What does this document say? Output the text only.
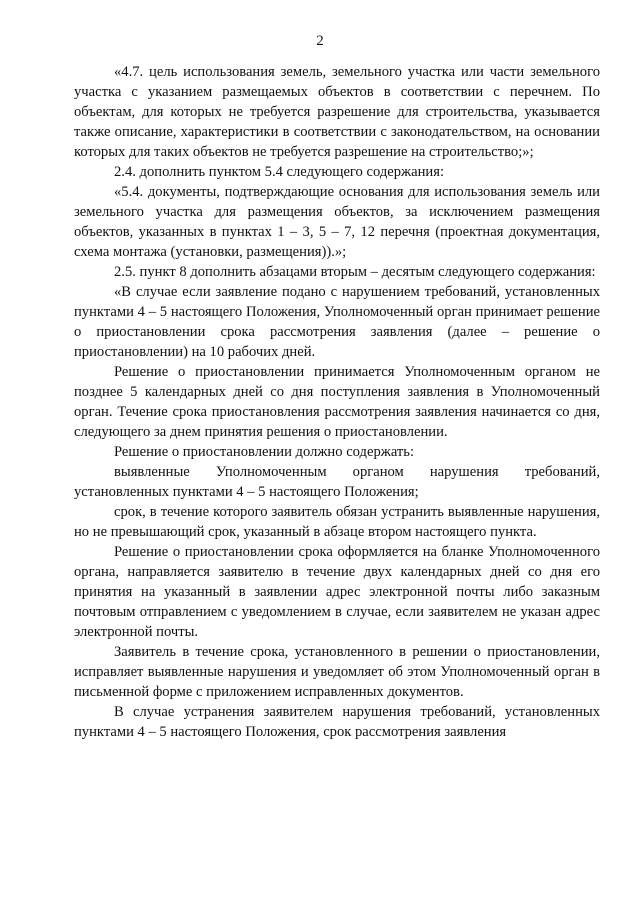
2

«4.7. цель использования земель, земельного участка или части земельного участка с указанием размещаемых объектов в соответствии с перечнем. По объектам, для которых не требуется разрешение для строительства, указывается также описание, характеристики в соответствии с законодательством, на основании которых для таких объектов не требуется разрешение на строительство;»;

2.4. дополнить пунктом 5.4 следующего содержания:

«5.4. документы, подтверждающие основания для использования земель или земельного участка для размещения объектов, за исключением размещения объектов, указанных в пунктах 1 – 3, 5 – 7, 12 перечня (проектная документация, схема монтажа (установки, размещения)).»;

2.5. пункт 8 дополнить абзацами вторым – десятым следующего содержания:

«В случае если заявление подано с нарушением требований, установленных пунктами 4 – 5 настоящего Положения, Уполномоченный орган принимает решение о приостановлении срока рассмотрения заявления (далее – решение о приостановлении) на 10 рабочих дней.

Решение о приостановлении принимается Уполномоченным органом не позднее 5 календарных дней со дня поступления заявления в Уполномоченный орган. Течение срока приостановления рассмотрения заявления начинается со дня, следующего за днем принятия решения о приостановлении.

Решение о приостановлении должно содержать:

выявленные Уполномоченным органом нарушения требований, установленных пунктами 4 – 5 настоящего Положения;

срок, в течение которого заявитель обязан устранить выявленные нарушения, но не превышающий срок, указанный в абзаце втором настоящего пункта.

Решение о приостановлении срока оформляется на бланке Уполномоченного органа, направляется заявителю в течение двух календарных дней со дня его принятия на указанный в заявлении адрес электронной почты либо заказным почтовым отправлением с уведомлением в случае, если заявителем не указан адрес электронной почты.

Заявитель в течение срока, установленного в решении о приостановлении, исправляет выявленные нарушения и уведомляет об этом Уполномоченный орган в письменной форме с приложением исправленных документов.

В случае устранения заявителем нарушения требований, установленных пунктами 4 – 5 настоящего Положения, срок рассмотрения заявления
